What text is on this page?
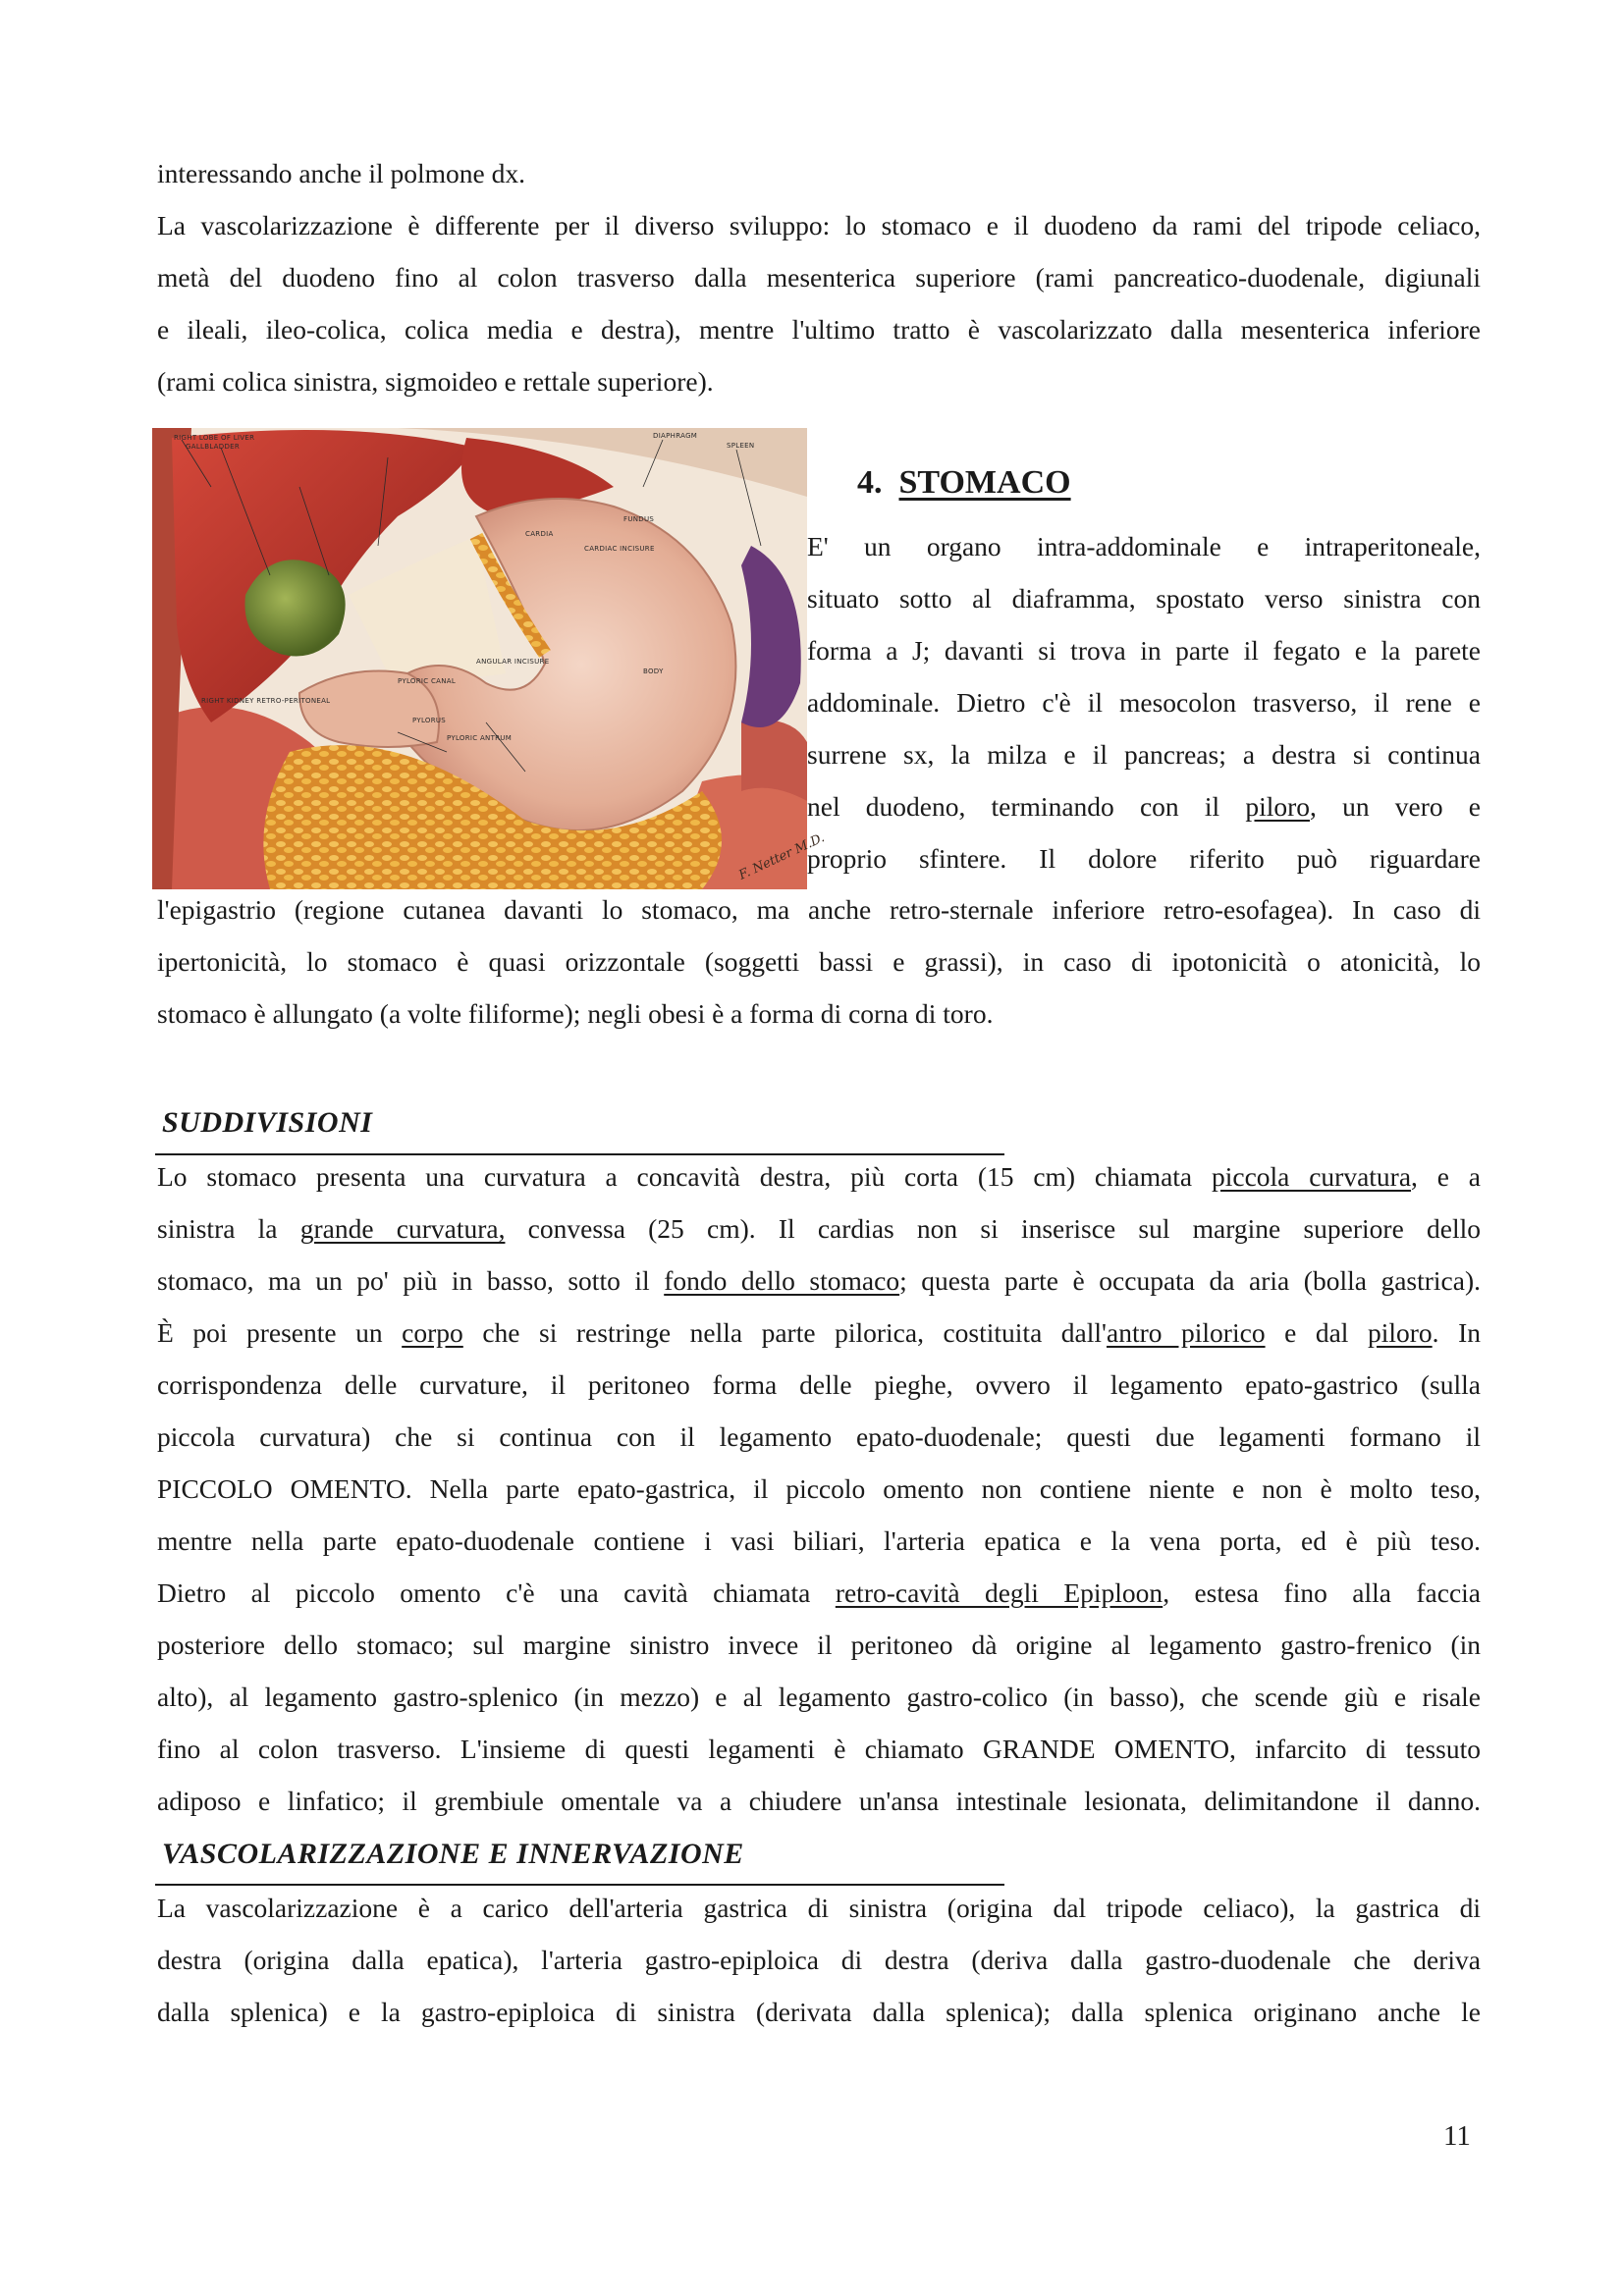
interessando anche il polmone dx.
La vascolarizzazione è differente per il diverso sviluppo: lo stomaco e il duodeno da rami del tripode celiaco,
metà del duodeno fino al colon trasverso dalla mesenterica superiore (rami pancreatico-duodenale, digiunali
e ileali, ileo-colica, colica media e destra), mentre l'ultimo tratto è vascolarizzato dalla mesenterica inferiore
(rami colica sinistra, sigmoideo e rettale superiore).
RIGHT LOBE OF LIVER
GALLBLADDER
DIAPHRAGM
SPLEEN
FUNDUS
CARDIA
CARDIAC INCISURE
BODY
ANGULAR INCISURE
PYLORIC CANAL
PYLORUS
PYLORIC ANTRUM
RIGHT KIDNEY RETRO-PERITONEAL
F. Netter M.D.
4. STOMACO
E' un organo intra-addominale e intraperitoneale,
situato sotto al diaframma, spostato verso sinistra con
forma a J; davanti si trova in parte il fegato e la parete
addominale. Dietro c'è il mesocolon trasverso, il rene e
surrene sx, la milza e il pancreas; a destra si continua
nel duodeno, terminando con il piloro, un vero e
proprio sfintere. Il dolore riferito può riguardare
l'epigastrio (regione cutanea davanti lo stomaco, ma anche retro-sternale inferiore retro-esofagea). In caso di
ipertonicità, lo stomaco è quasi orizzontale (soggetti bassi e grassi), in caso di ipotonicità o atonicità, lo
stomaco è allungato (a volte filiforme); negli obesi è a forma di corna di toro.
SUDDIVISIONI
Lo stomaco presenta una curvatura a concavità destra, più corta (15 cm) chiamata piccola curvatura, e a
sinistra la grande curvatura, convessa (25 cm). Il cardias non si inserisce sul margine superiore dello
stomaco, ma un po' più in basso, sotto il fondo dello stomaco; questa parte è occupata da aria (bolla gastrica).
È poi presente un corpo che si restringe nella parte pilorica, costituita dall'antro pilorico e dal piloro. In
corrispondenza delle curvature, il peritoneo forma delle pieghe, ovvero il legamento epato-gastrico (sulla
piccola curvatura) che si continua con il legamento epato-duodenale; questi due legamenti formano il
PICCOLO OMENTO. Nella parte epato-gastrica, il piccolo omento non contiene niente e non è molto teso,
mentre nella parte epato-duodenale contiene i vasi biliari, l'arteria epatica e la vena porta, ed è più teso.
Dietro al piccolo omento c'è una cavità chiamata retro-cavità degli Epiploon, estesa fino alla faccia
posteriore dello stomaco; sul margine sinistro invece il peritoneo dà origine al legamento gastro-frenico (in
alto), al legamento gastro-splenico (in mezzo) e al legamento gastro-colico (in basso), che scende giù e risale
fino al colon trasverso. L'insieme di questi legamenti è chiamato GRANDE OMENTO, infarcito di tessuto
adiposo e linfatico; il grembiule omentale va a chiudere un'ansa intestinale lesionata, delimitandone il danno.
VASCOLARIZZAZIONE E INNERVAZIONE
La vascolarizzazione è a carico dell'arteria gastrica di sinistra (origina dal tripode celiaco), la gastrica di
destra (origina dalla epatica), l'arteria gastro-epiploica di destra (deriva dalla gastro-duodenale che deriva
dalla splenica) e la gastro-epiploica di sinistra (derivata dalla splenica); dalla splenica originano anche le
11
